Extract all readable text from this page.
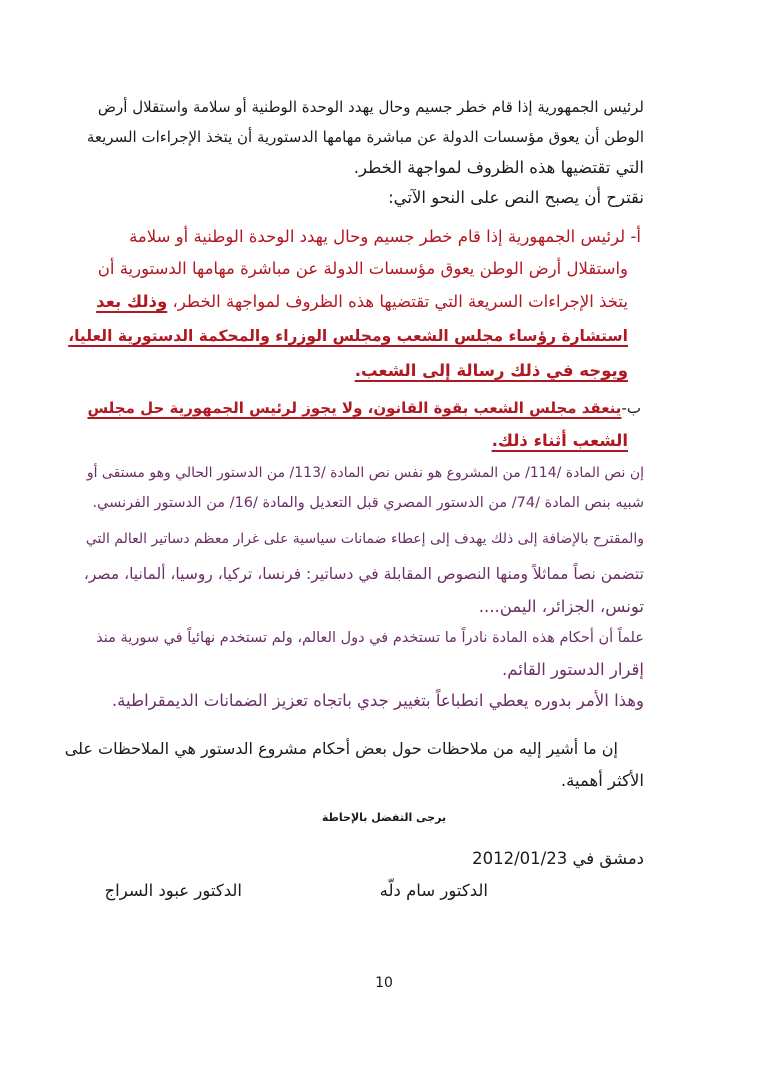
لرئيس الجمهورية إذا قام خطر جسيم وحال يهدد الوحدة الوطنية أو سلامة واستقلال أرض
الوطن أن يعوق مؤسسات الدولة عن مباشرة مهامها الدستورية أن يتخذ الإجراءات السريعة
التي تقتضيها هذه الظروف لمواجهة الخطر.
نقترح أن يصبح النص على النحو الآتي:
أ- لرئيس الجمهورية إذا قام خطر جسيم وحال يهدد الوحدة الوطنية أو سلامة
واستقلال أرض الوطن يعوق مؤسسات الدولة عن مباشرة مهامها الدستورية أن
يتخذ الإجراءات السريعة التي تقتضيها هذه الظروف لمواجهة الخطر، وذلك بعد
استشارة رؤساء مجلس الشعب ومجلس الوزراء والمحكمة الدستورية العليا،
ويوجه في ذلك رسالة إلى الشعب.
ب-ينعقد مجلس الشعب بقوة القانون، ولا يجوز لرئيس الجمهورية حل مجلس
الشعب أثناء ذلك.
إن نص المادة /114/ من المشروع هو نفس نص المادة /113/ من الدستور الحالي وهو مستقى أو
شبيه بنص المادة /74/ من الدستور المصري قبل التعديل والمادة /16/ من الدستور الفرنسي.
والمقترح بالإضافة إلى ذلك يهدف إلى إعطاء ضمانات سياسية على غرار معظم دساتير العالم التي
تتضمن نصاً مماثلاً ومنها النصوص المقابلة في دساتير: فرنسا، تركيا، روسيا، ألمانيا، مصر،
تونس، الجزائر، اليمن....
علماً أن أحكام هذه المادة نادراً ما تستخدم في دول العالم، ولم تستخدم نهائياً في سورية منذ
إقرار الدستور القائم.
وهذا الأمر بدوره يعطي انطباعاً بتغيير جدي باتجاه تعزيز الضمانات الديمقراطية.
إن ما أشير إليه من ملاحظات حول بعض أحكام مشروع الدستور هي الملاحظات على
الأكثر أهمية.
يرجى التفضل بالإحاطة
دمشق في 2012/01/23
الدكتور سام دلّه
الدكتور عبود السراج
10
